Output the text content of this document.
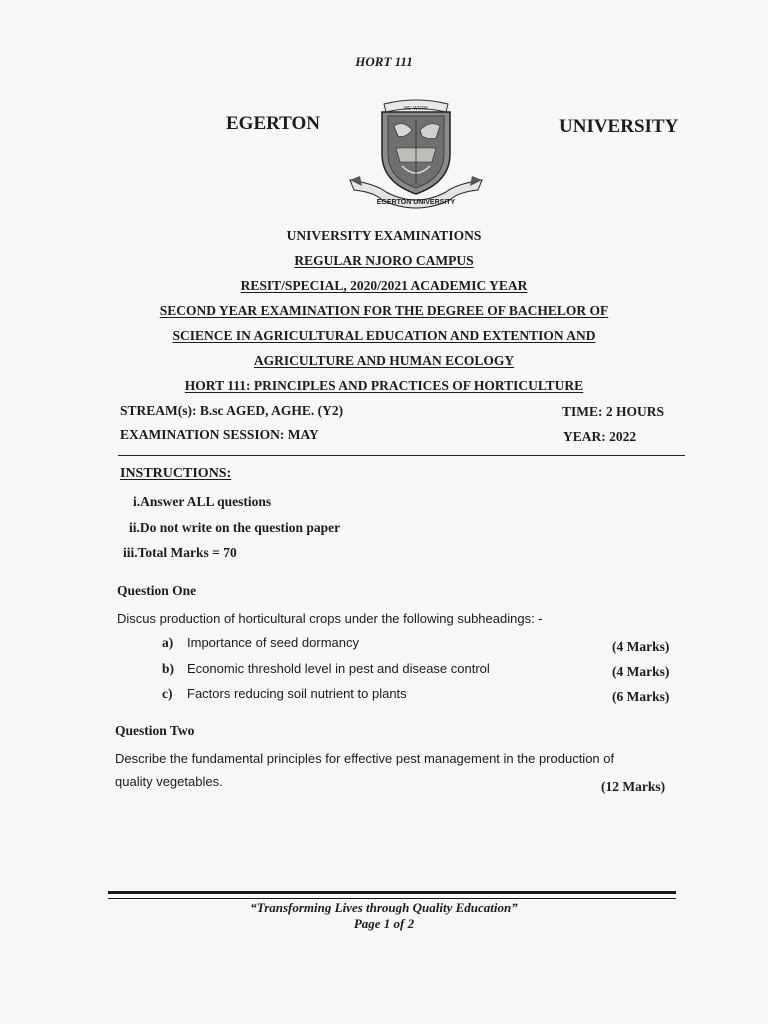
HORT 111
EGERTON	UNIVERSITY
WE WORK
EGERTON UNIVERSITY
UNIVERSITY EXAMINATIONS
REGULAR NJORO CAMPUS
RESIT/SPECIAL, 2020/2021 ACADEMIC YEAR
SECOND YEAR EXAMINATION FOR THE DEGREE OF BACHELOR OF
SCIENCE IN AGRICULTURAL EDUCATION AND EXTENTION AND
AGRICULTURE AND HUMAN ECOLOGY
HORT 111: PRINCIPLES AND PRACTICES OF HORTICULTURE
STREAM(s): B.sc AGED, AGHE. (Y2)	TIME: 2 HOURS
EXAMINATION SESSION: MAY	YEAR: 2022
INSTRUCTIONS:
i.Answer ALL questions
ii.Do not write on the question paper
iii.Total Marks = 70
Question One
Discus production of horticultural crops under the following subheadings: -
a) Importance of seed dormancy	(4 Marks)
b) Economic threshold level in pest and disease control	(4 Marks)
c) Factors reducing soil nutrient to plants	(6 Marks)
Question Two
Describe the fundamental principles for effective pest management in the production of
quality vegetables.	(12 Marks)
“Transforming Lives through Quality Education”
Page 1 of 2
